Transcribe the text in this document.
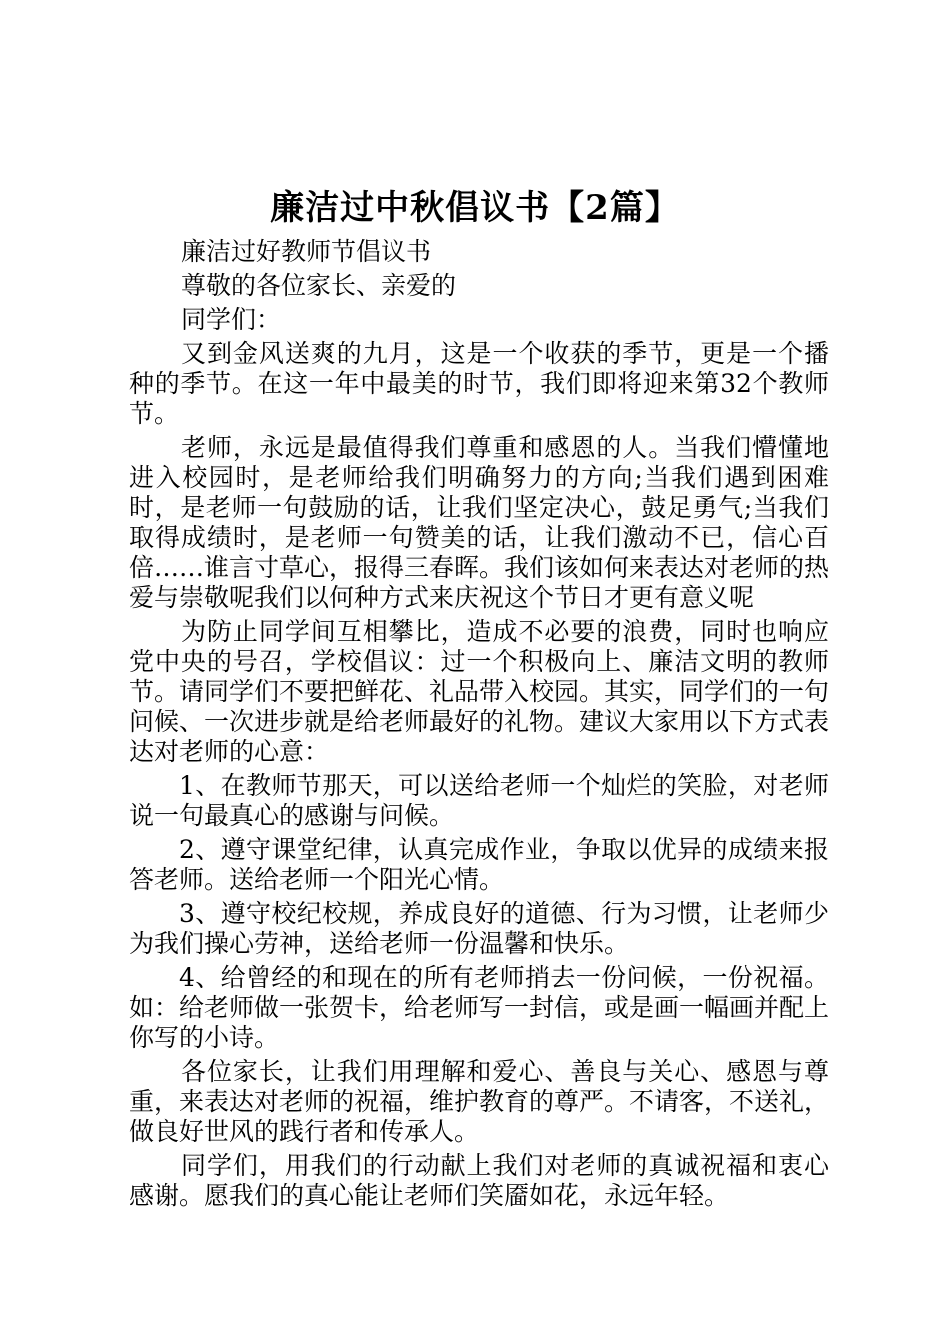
廉洁过中秋倡议书【2篇】

廉洁过好教师节倡议书

尊敬的各位家长、亲爱的

同学们：

又到金风送爽的九月，这是一个收获的季节，更是一个播种的季节。在这一年中最美的时节，我们即将迎来第32个教师节。

老师，永远是最值得我们尊重和感恩的人。当我们懵懂地进入校园时，是老师给我们明确努力的方向;当我们遇到困难时，是老师一句鼓励的话，让我们坚定决心，鼓足勇气;当我们取得成绩时，是老师一句赞美的话，让我们激动不已，信心百倍……谁言寸草心，报得三春晖。我们该如何来表达对老师的热爱与崇敬呢我们以何种方式来庆祝这个节日才更有意义呢

为防止同学间互相攀比，造成不必要的浪费，同时也响应党中央的号召，学校倡议：过一个积极向上、廉洁文明的教师节。请同学们不要把鲜花、礼品带入校园。其实，同学们的一句问候、一次进步就是给老师最好的礼物。建议大家用以下方式表达对老师的心意：

1、在教师节那天，可以送给老师一个灿烂的笑脸，对老师说一句最真心的感谢与问候。

2、遵守课堂纪律，认真完成作业，争取以优异的成绩来报答老师。送给老师一个阳光心情。

3、遵守校纪校规，养成良好的道德、行为习惯，让老师少为我们操心劳神，送给老师一份温馨和快乐。

4、给曾经的和现在的所有老师捎去一份问候，一份祝福。如：给老师做一张贺卡，给老师写一封信，或是画一幅画并配上你写的小诗。

各位家长，让我们用理解和爱心、善良与关心、感恩与尊重，来表达对老师的祝福，维护教育的尊严。不请客，不送礼，做良好世风的践行者和传承人。

同学们，用我们的行动献上我们对老师的真诚祝福和衷心感谢。愿我们的真心能让老师们笑靥如花，永远年轻。
